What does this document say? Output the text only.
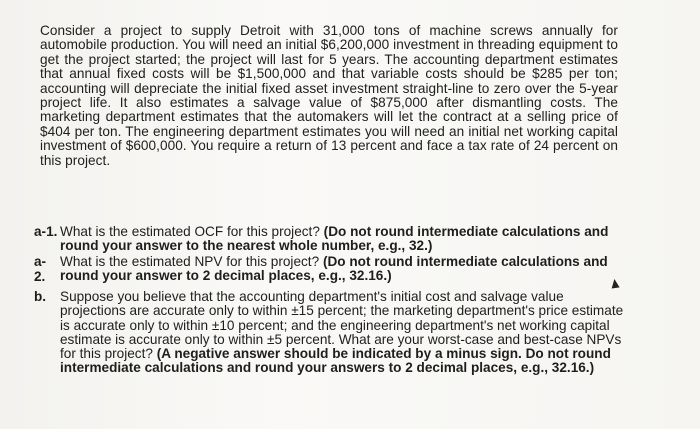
Consider a project to supply Detroit with 31,000 tons of machine screws annually for automobile production. You will need an initial $6,200,000 investment in threading equipment to get the project started; the project will last for 5 years. The accounting department estimates that annual fixed costs will be $1,500,000 and that variable costs should be $285 per ton; accounting will depreciate the initial fixed asset investment straight-line to zero over the 5-year project life. It also estimates a salvage value of $875,000 after dismantling costs. The marketing department estimates that the automakers will let the contract at a selling price of $404 per ton. The engineering department estimates you will need an initial net working capital investment of $600,000. You require a return of 13 percent and face a tax rate of 24 percent on this project.

a-1. What is the estimated OCF for this project? (Do not round intermediate calculations and round your answer to the nearest whole number, e.g., 32.)
a-
2.
What is the estimated NPV for this project? (Do not round intermediate calculations and round your answer to 2 decimal places, e.g., 32.16.)
b. Suppose you believe that the accounting department's initial cost and salvage value projections are accurate only to within ±15 percent; the marketing department's price estimate is accurate only to within ±10 percent; and the engineering department's net working capital estimate is accurate only to within ±5 percent. What are your worst-case and best-case NPVs for this project? (A negative answer should be indicated by a minus sign. Do not round intermediate calculations and round your answers to 2 decimal places, e.g., 32.16.)
